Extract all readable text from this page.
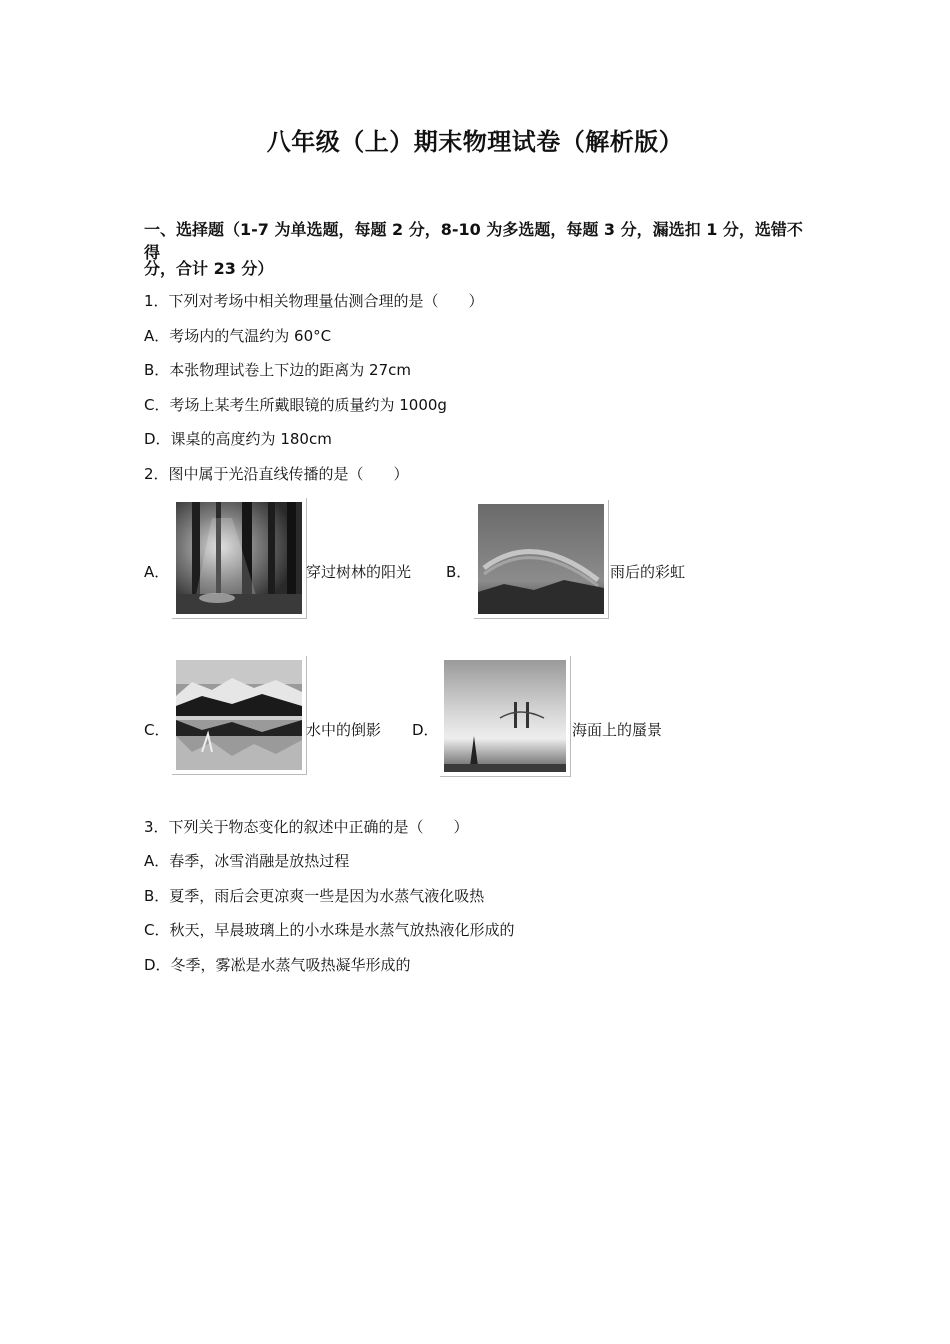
八年级（上）期末物理试卷（解析版）
一、选择题（1-7 为单选题，每题 2 分，8-10 为多选题，每题 3 分，漏选扣 1 分，选错不得
分，合计 23 分）
1．下列对考场中相关物理量估测合理的是（　　）
A．考场内的气温约为 60°C
B．本张物理试卷上下边的距离为 27cm
C．考场上某考生所戴眼镜的质量约为 1000g
D．课桌的高度约为 180cm
2．图中属于光沿直线传播的是（　　）
A．	穿过树林的阳光 B．	雨后的彩虹
C．	水中的倒影 D．	海面上的蜃景
3．下列关于物态变化的叙述中正确的是（　　）
A．春季，冰雪消融是放热过程
B．夏季，雨后会更凉爽一些是因为水蒸气液化吸热
C．秋天，早晨玻璃上的小水珠是水蒸气放热液化形成的
D．冬季，雾凇是水蒸气吸热凝华形成的
